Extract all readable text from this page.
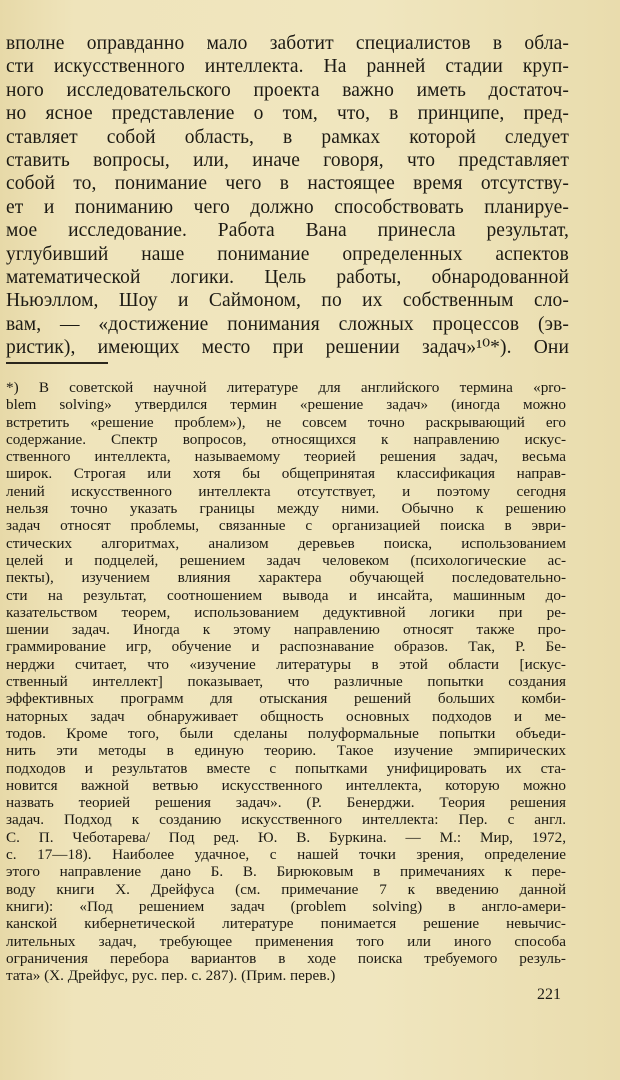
вполне оправданно мало заботит специалистов в обла-
сти искусственного интеллекта. На ранней стадии круп-
ного исследовательского проекта важно иметь достаточ-
но ясное представление о том, что, в принципе, пред-
ставляет собой область, в рамках которой следует
ставить вопросы, или, иначе говоря, что представляет
собой то, понимание чего в настоящее время отсутству-
ет и пониманию чего должно способствовать планируе-
мое исследование. Работа Вана принесла результат,
углубивший наше понимание определенных аспектов
математической логики. Цель работы, обнародованной
Ньюэллом, Шоу и Саймоном, по их собственным сло-
вам, — «достижение понимания сложных процессов (эв-
ристик), имеющих место при решении задач»¹⁰*). Они
*) В советской научной литературе для английского термина «pro-
blem solving» утвердился термин «решение задач» (иногда можно
встретить «решение проблем»), не совсем точно раскрывающий его
содержание. Спектр вопросов, относящихся к направлению искус-
ственного интеллекта, называемому теорией решения задач, весьма
широк. Строгая или хотя бы общепринятая классификация направ-
лений искусственного интеллекта отсутствует, и поэтому сегодня
нельзя точно указать границы между ними. Обычно к решению
задач относят проблемы, связанные с организацией поиска в эври-
стических алгоритмах, анализом деревьев поиска, использованием
целей и подцелей, решением задач человеком (психологические ас-
пекты), изучением влияния характера обучающей последовательно-
сти на результат, соотношением вывода и инсайта, машинным до-
казательством теорем, использованием дедуктивной логики при ре-
шении задач. Иногда к этому направлению относят также про-
граммирование игр, обучение и распознавание образов. Так, Р. Бе-
нерджи считает, что «изучение литературы в этой области [искус-
ственный интеллект] показывает, что различные попытки создания
эффективных программ для отыскания решений больших комби-
наторных задач обнаруживает общность основных подходов и ме-
тодов. Кроме того, были сделаны полуформальные попытки объеди-
нить эти методы в единую теорию. Такое изучение эмпирических
подходов и результатов вместе с попытками унифицировать их ста-
новится важной ветвью искусственного интеллекта, которую можно
назвать теорией решения задач». (Р. Бенерджи. Теория решения
задач. Подход к созданию искусственного интеллекта: Пер. с англ.
С. П. Чеботарева/ Под ред. Ю. В. Буркина. — М.: Мир, 1972,
с. 17—18). Наиболее удачное, с нашей точки зрения, определение
этого направление дано Б. В. Бирюковым в примечаниях к пере-
воду книги Х. Дрейфуса (см. примечание 7 к введению данной
книги): «Под решением задач (problem solving) в англо-амери-
канской кибернетической литературе понимается решение невычис-
лительных задач, требующее применения того или иного способа
ограничения перебора вариантов в ходе поиска требуемого резуль-
тата» (Х. Дрейфус, рус. пер. с. 287). (Прим. перев.)
221
